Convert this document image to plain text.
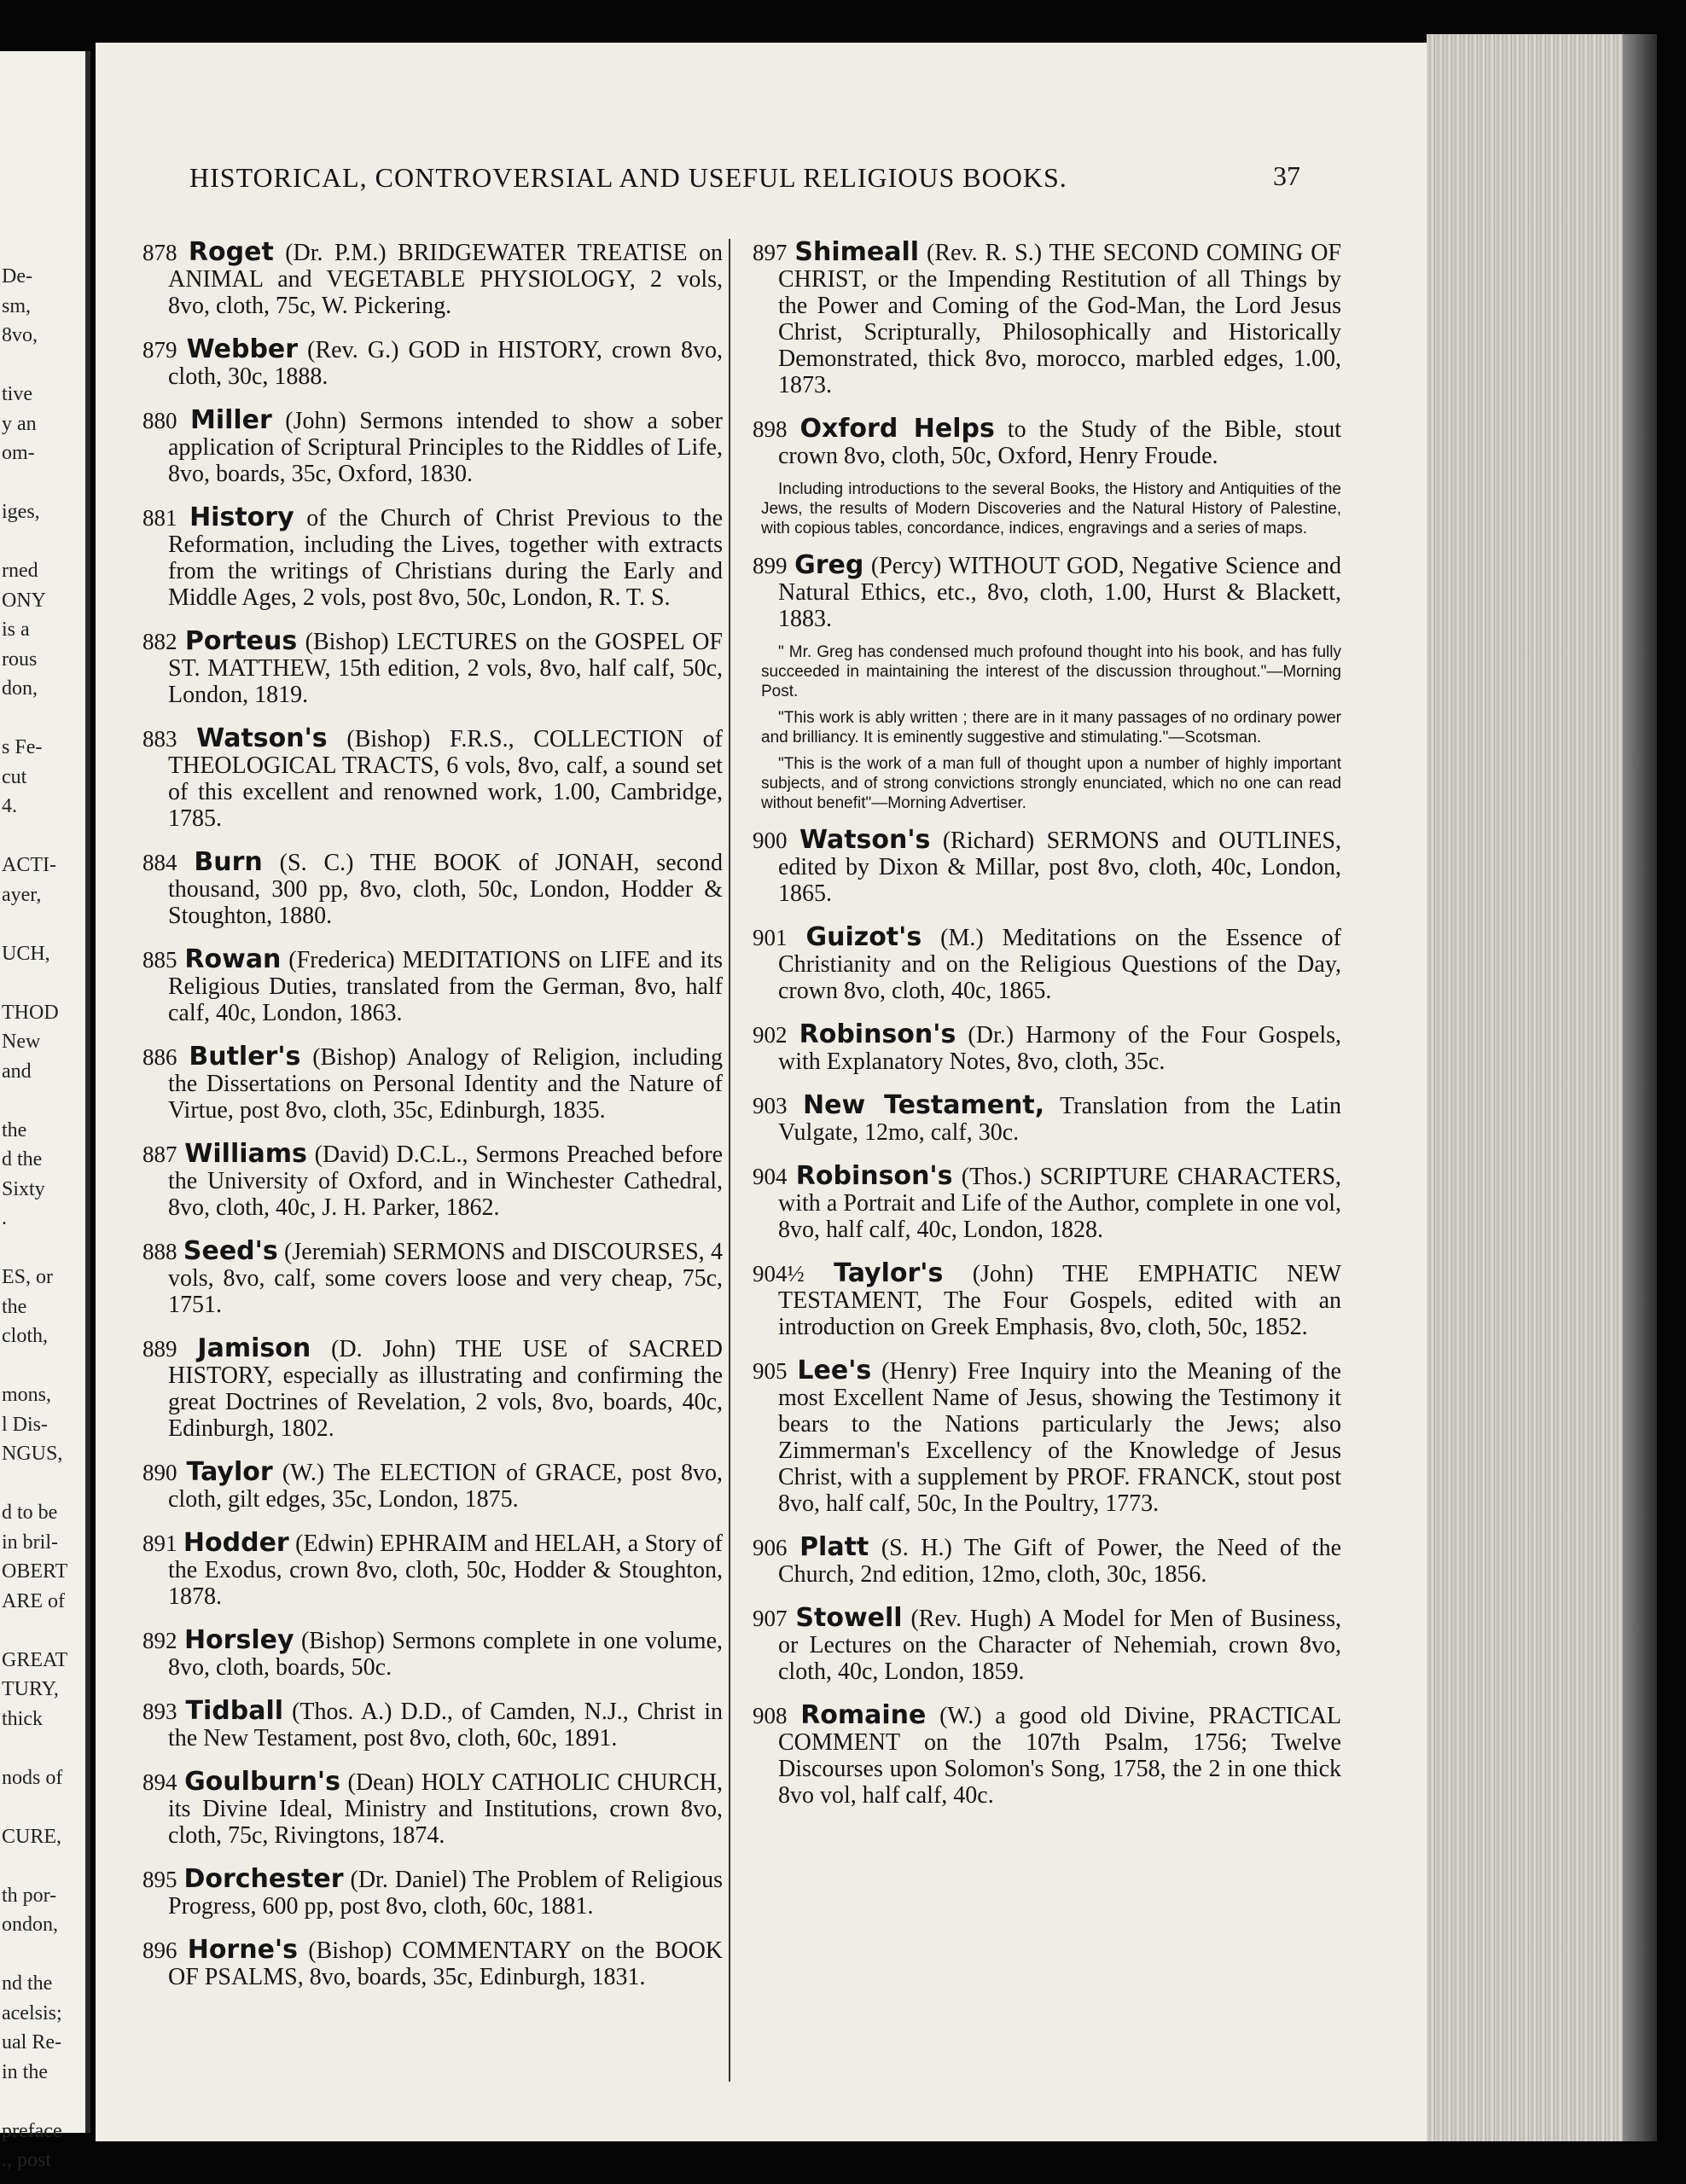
De-
sm,
8vo,
tive
y an
om-
iges,
rned
ONY
is a
rous
don,
s Fe-
cut
4.
ACTI-
ayer,
UCH,
THOD
New
and
the
d the
Sixty
.
ES, or
the
cloth,
mons,
l Dis-
NGUS,
d to be
in bril-
OBERT
ARE of
GREAT
TURY,
thick
nods of
CURE,
th por-
ondon,
nd the
acelsis;
ual Re-
in the
preface
., post
HISTORICAL, CONTROVERSIAL AND USEFUL RELIGIOUS BOOKS.	37
878 Roget (Dr. P.M.) BRIDGEWATER TREATISE on ANIMAL and VEGETABLE PHYSIOLOGY, 2 vols, 8vo, cloth, 75c, W. Pickering.
879 Webber (Rev. G.) GOD in HISTORY, crown 8vo, cloth, 30c, 1888.
880 Miller (John) Sermons intended to show a sober application of Scriptural Principles to the Riddles of Life, 8vo, boards, 35c, Oxford, 1830.
881 History of the Church of Christ Previous to the Reformation, including the Lives, together with extracts from the writings of Christians during the Early and Middle Ages, 2 vols, post 8vo, 50c, London, R. T. S.
882 Porteus (Bishop) LECTURES on the GOSPEL OF ST. MATTHEW, 15th edition, 2 vols, 8vo, half calf, 50c, London, 1819.
883 Watson's (Bishop) F.R.S., COLLECTION of THEOLOGICAL TRACTS, 6 vols, 8vo, calf, a sound set of this excellent and renowned work, 1.00, Cambridge, 1785.
884 Burn (S. C.) THE BOOK of JONAH, second thousand, 300 pp, 8vo, cloth, 50c, London, Hodder & Stoughton, 1880.
885 Rowan (Frederica) MEDITATIONS on LIFE and its Religious Duties, translated from the German, 8vo, half calf, 40c, London, 1863.
886 Butler's (Bishop) Analogy of Religion, including the Dissertations on Personal Identity and the Nature of Virtue, post 8vo, cloth, 35c, Edinburgh, 1835.
887 Williams (David) D.C.L., Sermons Preached before the University of Oxford, and in Winchester Cathedral, 8vo, cloth, 40c, J. H. Parker, 1862.
888 Seed's (Jeremiah) SERMONS and DISCOURSES, 4 vols, 8vo, calf, some covers loose and very cheap, 75c, 1751.
889 Jamison (D. John) THE USE of SACRED HISTORY, especially as illustrating and confirming the great Doctrines of Revelation, 2 vols, 8vo, boards, 40c, Edinburgh, 1802.
890 Taylor (W.) The ELECTION of GRACE, post 8vo, cloth, gilt edges, 35c, London, 1875.
891 Hodder (Edwin) EPHRAIM and HELAH, a Story of the Exodus, crown 8vo, cloth, 50c, Hodder & Stoughton, 1878.
892 Horsley (Bishop) Sermons complete in one volume, 8vo, cloth, boards, 50c.
893 Tidball (Thos. A.) D.D., of Camden, N.J., Christ in the New Testament, post 8vo, cloth, 60c, 1891.
894 Goulburn's (Dean) HOLY CATHOLIC CHURCH, its Divine Ideal, Ministry and Institutions, crown 8vo, cloth, 75c, Rivingtons, 1874.
895 Dorchester (Dr. Daniel) The Problem of Religious Progress, 600 pp, post 8vo, cloth, 60c, 1881.
896 Horne's (Bishop) COMMENTARY on the BOOK OF PSALMS, 8vo, boards, 35c, Edinburgh, 1831.
897 Shimeall (Rev. R. S.) THE SECOND COMING OF CHRIST, or the Impending Restitution of all Things by the Power and Coming of the God-Man, the Lord Jesus Christ, Scripturally, Philosophically and Historically Demonstrated, thick 8vo, morocco, marbled edges, 1.00, 1873.
898 Oxford Helps to the Study of the Bible, stout crown 8vo, cloth, 50c, Oxford, Henry Froude.
Including introductions to the several Books, the History and Antiquities of the Jews, the results of Modern Discoveries and the Natural History of Palestine, with copious tables, concordance, indices, engravings and a series of maps.
899 Greg (Percy) WITHOUT GOD, Negative Science and Natural Ethics, etc., 8vo, cloth, 1.00, Hurst & Blackett, 1883.
" Mr. Greg has condensed much profound thought into his book, and has fully succeeded in maintaining the interest of the discussion throughout."—Morning Post.
"This work is ably written ; there are in it many passages of no ordinary power and brilliancy. It is eminently suggestive and stimulating."—Scotsman.
"This is the work of a man full of thought upon a number of highly important subjects, and of strong convictions strongly enunciated, which no one can read without benefit"—Morning Advertiser.
900 Watson's (Richard) SERMONS and OUTLINES, edited by Dixon & Millar, post 8vo, cloth, 40c, London, 1865.
901 Guizot's (M.) Meditations on the Essence of Christianity and on the Religious Questions of the Day, crown 8vo, cloth, 40c, 1865.
902 Robinson's (Dr.) Harmony of the Four Gospels, with Explanatory Notes, 8vo, cloth, 35c.
903 New Testament, Translation from the Latin Vulgate, 12mo, calf, 30c.
904 Robinson's (Thos.) SCRIPTURE CHARACTERS, with a Portrait and Life of the Author, complete in one vol, 8vo, half calf, 40c, London, 1828.
904½ Taylor's (John) THE EMPHATIC NEW TESTAMENT, The Four Gospels, edited with an introduction on Greek Emphasis, 8vo, cloth, 50c, 1852.
905 Lee's (Henry) Free Inquiry into the Meaning of the most Excellent Name of Jesus, showing the Testimony it bears to the Nations particularly the Jews; also Zimmerman's Excellency of the Knowledge of Jesus Christ, with a supplement by PROF. FRANCK, stout post 8vo, half calf, 50c, In the Poultry, 1773.
906 Platt (S. H.) The Gift of Power, the Need of the Church, 2nd edition, 12mo, cloth, 30c, 1856.
907 Stowell (Rev. Hugh) A Model for Men of Business, or Lectures on the Character of Nehemiah, crown 8vo, cloth, 40c, London, 1859.
908 Romaine (W.) a good old Divine, PRACTICAL COMMENT on the 107th Psalm, 1756; Twelve Discourses upon Solomon's Song, 1758, the 2 in one thick 8vo vol, half calf, 40c.
